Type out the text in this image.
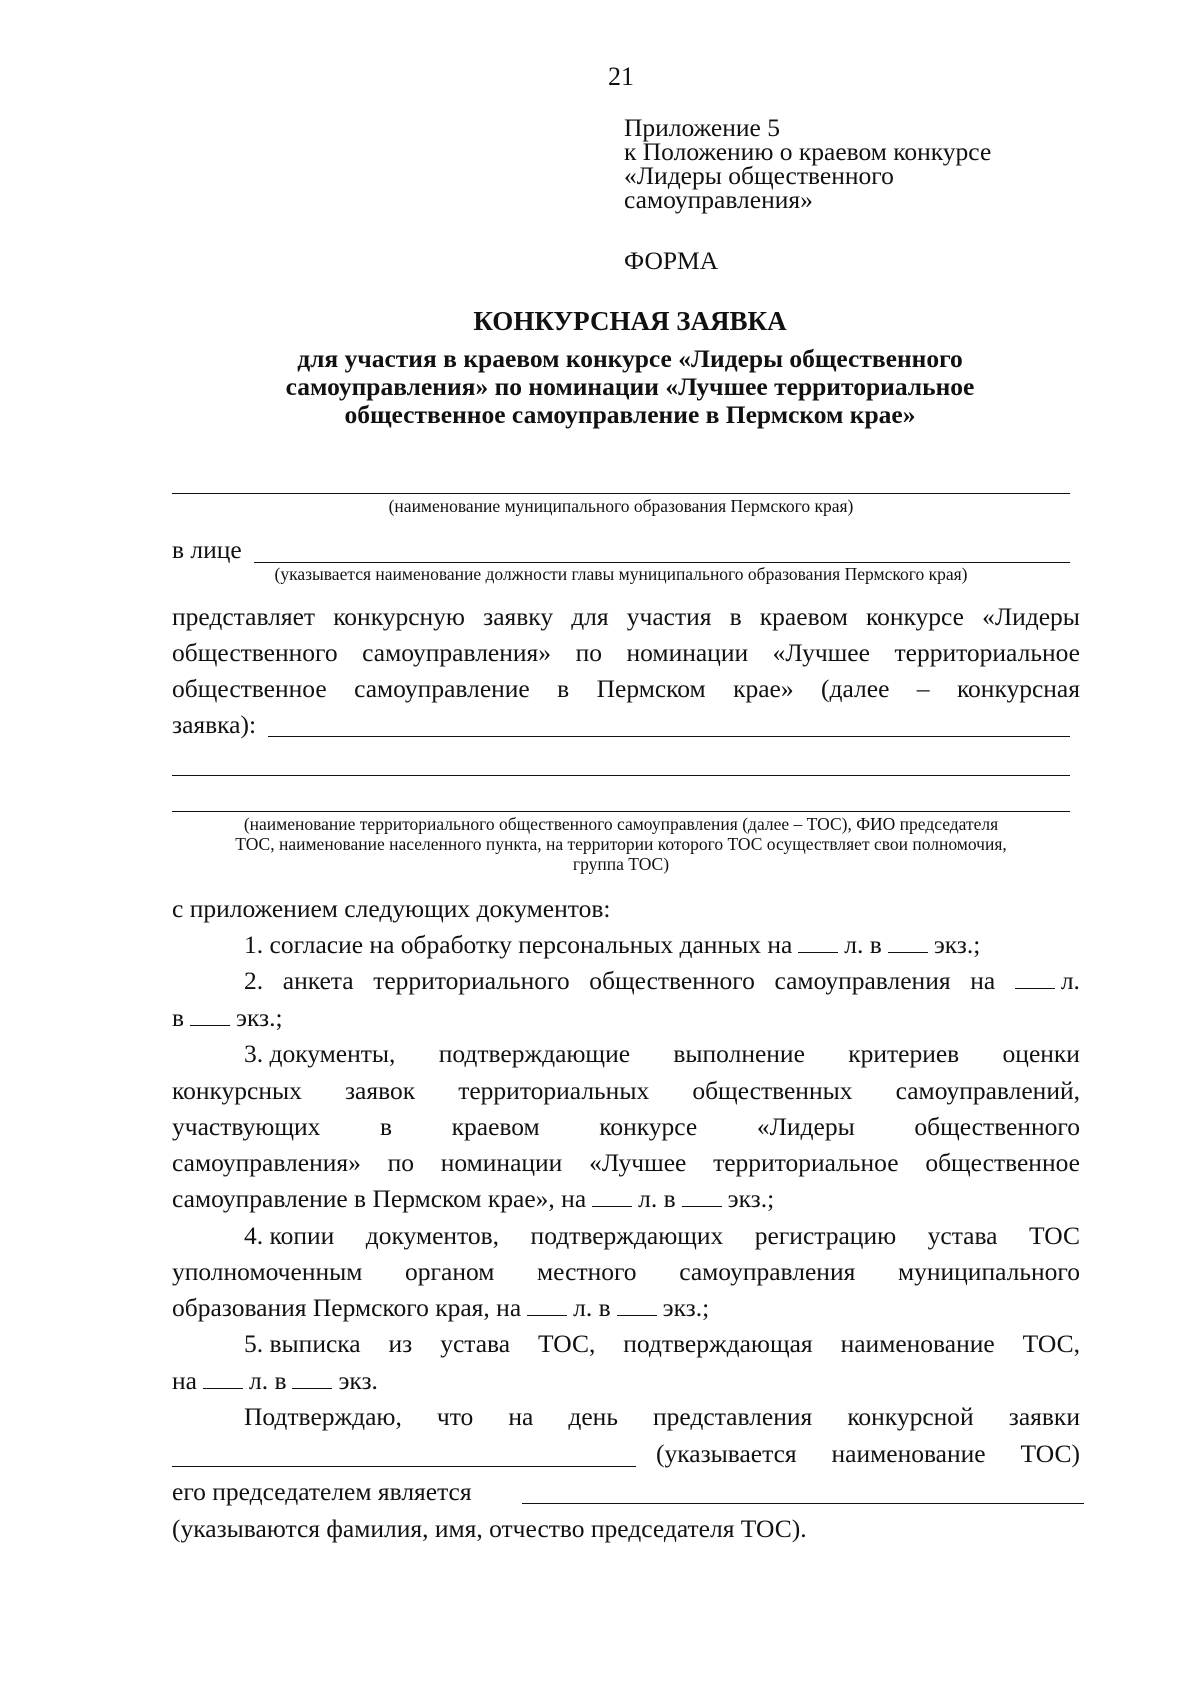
21
Приложение 5
к Положению о краевом конкурсе
«Лидеры общественного
самоуправления»
ФОРМА
КОНКУРСНАЯ ЗАЯВКА
для участия в краевом конкурсе «Лидеры общественного
самоуправления» по номинации «Лучшее территориальное
общественное самоуправление в Пермском крае»
(наименование муниципального образования Пермского края)
в лице
(указывается наименование должности главы муниципального образования Пермского края)
представляет конкурсную заявку для участия в краевом конкурсе «Лидеры
общественного самоуправления» по номинации «Лучшее территориальное
общественное самоуправление в Пермском крае» (далее – конкурсная
заявка):
(наименование территориального общественного самоуправления (далее – ТОС), ФИО председателя
ТОС, наименование населенного пункта, на территории которого ТОС осуществляет свои полномочия,
группа ТОС)
с приложением следующих документов:
1. согласие на обработку персональных данных на л. в экз.;
2. анкета территориального общественного самоуправления на	л.
в экз.;
3. документы, подтверждающие выполнение критериев оценки
конкурсных заявок территориальных общественных самоуправлений,
участвующих в краевом конкурсе «Лидеры общественного
самоуправления» по номинации «Лучшее территориальное общественное
самоуправление в Пермском крае», на л. в экз.;
4. копии документов, подтверждающих регистрацию устава ТОС
уполномоченным органом местного самоуправления муниципального
образования Пермского края, на л. в экз.;
5. выписка из устава ТОС, подтверждающая наименование ТОС,
на л. в экз.
Подтверждаю, что на день представления конкурсной заявки
(указывается наименование ТОС)
его председателем является
(указываются фамилия, имя, отчество председателя ТОС).
